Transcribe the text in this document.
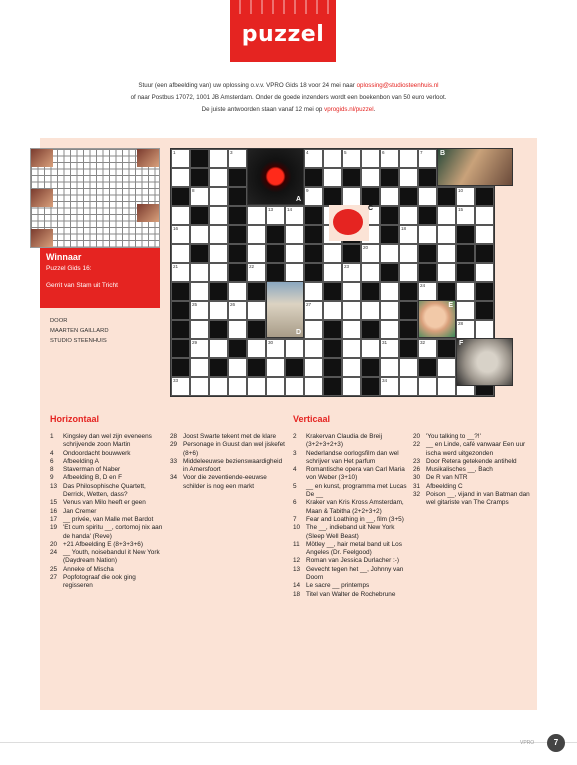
puzzel
Stuur (een afbeelding van) uw oplossing o.v.v. VPRO Gids 18 voor 24 mei naar oplossing@studiosteenhuis.nl
of naar Postbus 17072, 1001 JB Amsterdam. Onder de goede inzenders wordt een boekenbon van 50 euro verloot.
De juiste antwoorden staan vanaf 12 mei op vprogids.nl/puzzel.
Winnaar
Puzzel Gids 16:
Gerrit van Stam uit Tricht
DOOR
MAARTEN GAILLARD
STUDIO STEENHUIS
1	3	4	5	6	7
8	9	10
13	14	15
16	18
20
21	22	23
24
25	26	27
28
29	30	31	32
33	34
A
B
C
D
E
F
Horizontaal	Verticaal
1	Kingsley dan wel zijn eveneens schrijvende zoon Martin
4	Ondoordacht bouwwerk
6	Afbeelding A
8	Staverman of Naber
9	Afbeelding B, D en F
13 Das Philosophische Quartett, Derrick, Wetten, dass?
15 Venus van Milo heeft er geen
16 Jan Cremer
17 __ privée, van Malle met Bardot
19 'Et cum spiritu __, cortomoj nix aan de handa' (Reve)
20 +21 Afbeelding E (8+3+3+6)
24 __ Youth, noisebandul it New York (Daydream Nation)
25 Anneke of Mischa
27 Popfotograaf die ook ging regisseren
28 Joost Swarte tekent met de klare
29 Personage in Guust dan wel jiskefet (8+6)
33 Middeleeuwse bezienswaardigheid in Amersfoort
34 Voor die zeventiende-eeuwse schilder is nog een markt
2	Krakervan Claudia de Breij (3+2+3+2+3)
3	Nederlandse oorlogsfilm dan wel schrijver van Het parfum
4	Romantische opera van Carl Maria von Weber (3+10)
5	__ en kunst, programma met Lucas De __
6	Kraker van Kris Kross Amsterdam, Maan & Tabitha (2+2+3+2)
7	Fear and Loathing in __, film (3+5)
10 The __, indieband uit New York (Sleep Well Beast)
11 Mötley __, hair metal band uit Los Angeles (Dr. Feelgood)
12 Roman van Jessica Durlacher :-)
13 Gevecht tegen het __, Johnny van Doorn
14 Le sacre __ printemps
18 Titel van Walter de Rochebrune
20 'You talking to __?!'
22 __ en Linde, café vanwaar Een uur ischa werd uitgezonden
23 Door Retera getekende antiheld
26 Musikalisches __, Bach
30 De R van NTR
31 Afbeelding C
32 Poison __, vijand in van Batman dan wel gitariste van The Cramps
VPRO	7
